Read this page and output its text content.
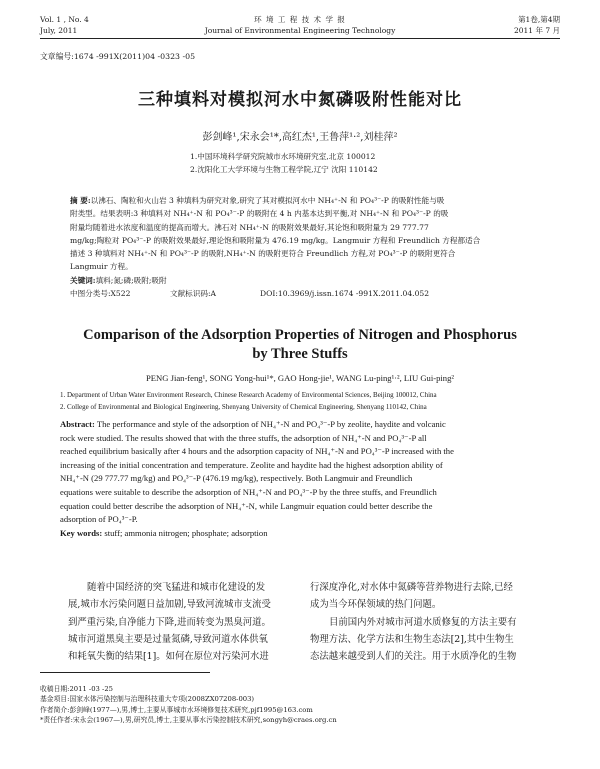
Vol. 1 , No. 4
July, 2011
环 境 工 程 技 术 学 报
Journal of Environmental Engineering Technology
第1卷,第4期
2011 年 7 月
文章编号:1674 -991X(2011)04 -0323 -05
三种填料对模拟河水中氮磷吸附性能对比
彭剑峰¹,宋永会¹*,高红杰¹,王鲁萍¹·²,刘桂萍²
1.中国环境科学研究院城市水环境研究室,北京 100012
2.沈阳化工大学环境与生物工程学院,辽宁 沈阳 110142
摘 要:以沸石、陶粒和火山岩 3 种填料为研究对象,研究了其对模拟河水中 NH₄⁺-N 和 PO₄³⁻-P 的吸附性能与吸
附类型。结果表明:3 种填料对 NH₄⁺-N 和 PO₄³⁻-P 的吸附在 4 h 内基本达到平衡,对 NH₄⁺-N 和 PO₄³⁻-P 的吸
附量均随着进水浓度和温度的提高而增大。沸石对 NH₄⁺-N 的吸附效果最好,其论饱和吸附量为 29 777.77
mg/kg;陶粒对 PO₄³⁻-P 的吸附效果最好,理论饱和吸附量为 476.19 mg/kg。Langmuir 方程和 Freundlich 方程都适合
描述 3 种填料对 NH₄⁺-N 和 PO₄³⁻-P 的吸附,NH₄⁺-N 的吸附更符合 Freundlich 方程,对 PO₄³⁻-P 的吸附更符合
Langmuir 方程。
关键词:填料;氮;磷;吸附;吸附
中图分类号:X522	文献标识码:A	DOI:10.3969/j.issn.1674 -991X.2011.04.052
Comparison of the Adsorption Properties of Nitrogen and Phosphorus
by Three Stuffs
PENG Jian-feng¹, SONG Yong-hui¹*, GAO Hong-jie¹, WANG Lu-ping¹·², LIU Gui-ping²
1. Department of Urban Water Environment Research, Chinese Research Academy of Environmental Sciences, Beijing 100012, China
2. College of Environmental and Biological Engineering, Shenyang University of Chemical Engineering, Shenyang 110142, China
Abstract: The performance and style of the adsorption of NH₄⁺-N and PO₄³⁻-P by zeolite, haydite and volcanic
rock were studied. The results showed that with the three stuffs, the adsorption of NH₄⁺-N and PO₄³⁻-P all
reached equilibrium basically after 4 hours and the adsorption capacity of NH₄⁺-N and PO₄³⁻-P increased with the
increasing of the initial concentration and temperature. Zeolite and haydite had the highest adsorption ability of
NH₄⁺-N (29 777.77 mg/kg) and PO₄³⁻-P (476.19 mg/kg), respectively. Both Langmuir and Freundlich
equations were suitable to describe the adsorption of NH₄⁺-N and PO₄³⁻-P by the three stuffs, and Freundlich
equation could better describe the adsorption of NH₄⁺-N, while Langmuir equation could better describe the
adsorption of PO₄³⁻-P.
Key words: stuff; ammonia nitrogen; phosphate; adsorption
随着中国经济的突飞猛进和城市化建设的发
展,城市水污染问题日益加剧,导致河流城市支流受
到严重污染,自净能力下降,进而转变为黑臭河道。
城市河道黑臭主要是过量氮磷,导致河道水体供氧
和耗氧失衡的结果[1]。如何在原位对污染河水进
行深度净化,对水体中氮磷等营养物进行去除,已经
成为当今环保领域的热门问题。
目前国内外对城市河道水质修复的方法主要有
物理方法、化学方法和生物生态法[2],其中生物生
态法越来越受到人们的关注。用于水质净化的生物
收稿日期:2011 -03 -25
基金项目:国家水体污染控制与治理科技重大专项(2008ZX07208-003)
作者简介:彭剑峰(1977—),男,博士,主要从事城市水环境修复技术研究,pjf1995@163.com
*责任作者:宋永会(1967—),男,研究员,博士,主要从事水污染控制技术研究,songyh@craes.org.cn
